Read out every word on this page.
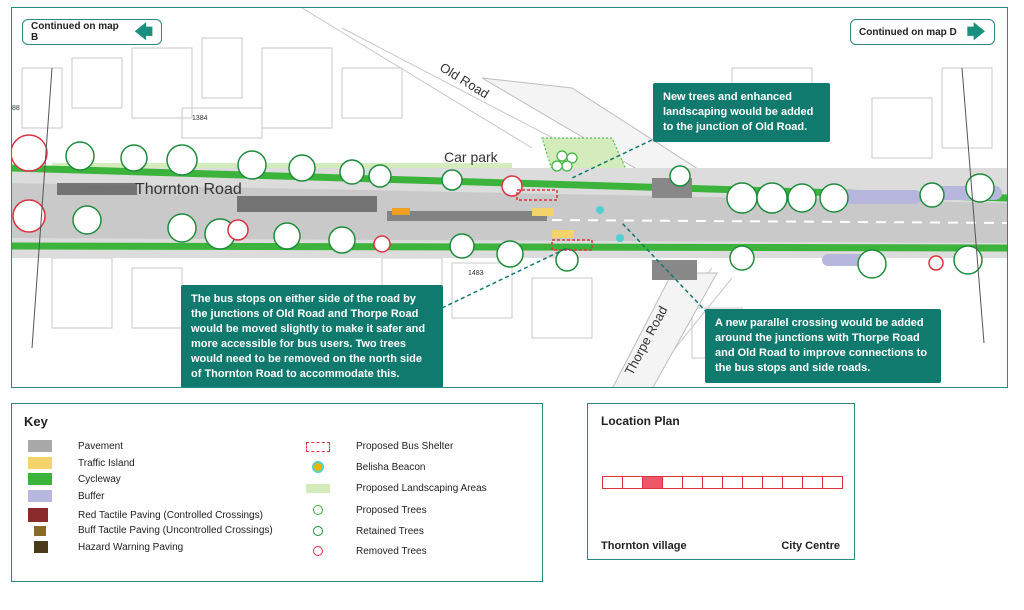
Thornton Road
Old Road
Thorpe Road
Car park
1384
1483
88
Continued on map B	🡄	Continued on map D 🡆
New trees and enhanced landscaping would be added to the junction of Old Road.
The bus stops on either side of the road by the junctions of Old Road and Thorpe Road would be moved slightly to make it safer and more accessible for bus users. Two trees would need to be removed on the north side of Thornton Road to accommodate this.
A new parallel crossing would be added around the junctions with Thorpe Road and Old Road to improve connections to the bus stops and side roads.
Key
Pavement
Traffic Island
Cycleway
Buffer
Red Tactile Paving (Controlled Crossings)
Buff Tactile Paving (Uncontrolled Crossings)
Hazard Warning Paving
Proposed Bus Shelter
Belisha Beacon
Proposed Landscaping Areas
Proposed Trees
Retained Trees
Removed Trees
Location Plan
Thornton village	City Centre
